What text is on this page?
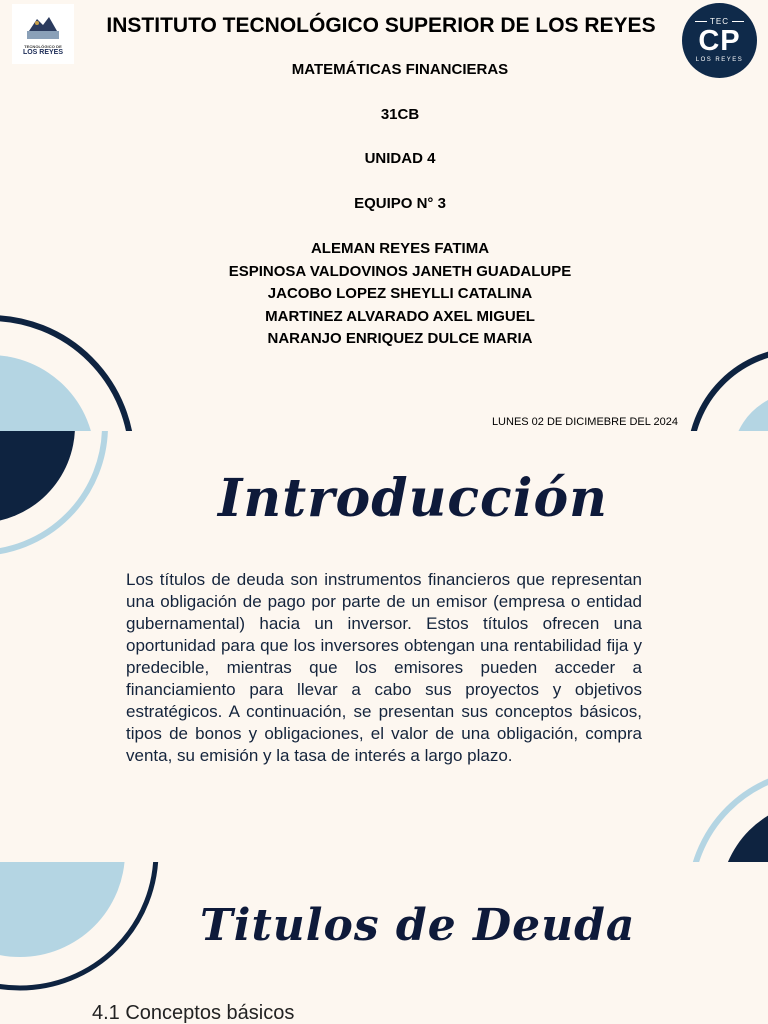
TECNOLÓGICO DE
LOS REYES
TEC
CP
LOS REYES
INSTITUTO TECNOLÓGICO SUPERIOR DE LOS REYES
MATEMÁTICAS FINANCIERAS
31CB
UNIDAD 4
EQUIPO N° 3
ALEMAN REYES FATIMA
ESPINOSA VALDOVINOS JANETH GUADALUPE
JACOBO LOPEZ SHEYLLI CATALINA
MARTINEZ ALVARADO AXEL MIGUEL
NARANJO ENRIQUEZ DULCE MARIA
LUNES 02 DE DICIMEBRE DEL 2024
Introducción

Los títulos de deuda son instrumentos financieros que representan una obligación de pago por parte de un emisor (empresa o entidad gubernamental) hacia un inversor. Estos títulos ofrecen una oportunidad para que los inversores obtengan una rentabilidad fija y predecible, mientras que los emisores pueden acceder a financiamiento para llevar a cabo sus proyectos y objetivos estratégicos. A continuación, se presentan sus conceptos básicos, tipos de bonos y obligaciones, el valor de una obligación, compra venta, su emisión y la tasa de interés a largo plazo.

Titulos de Deuda
4.1 Conceptos básicos
